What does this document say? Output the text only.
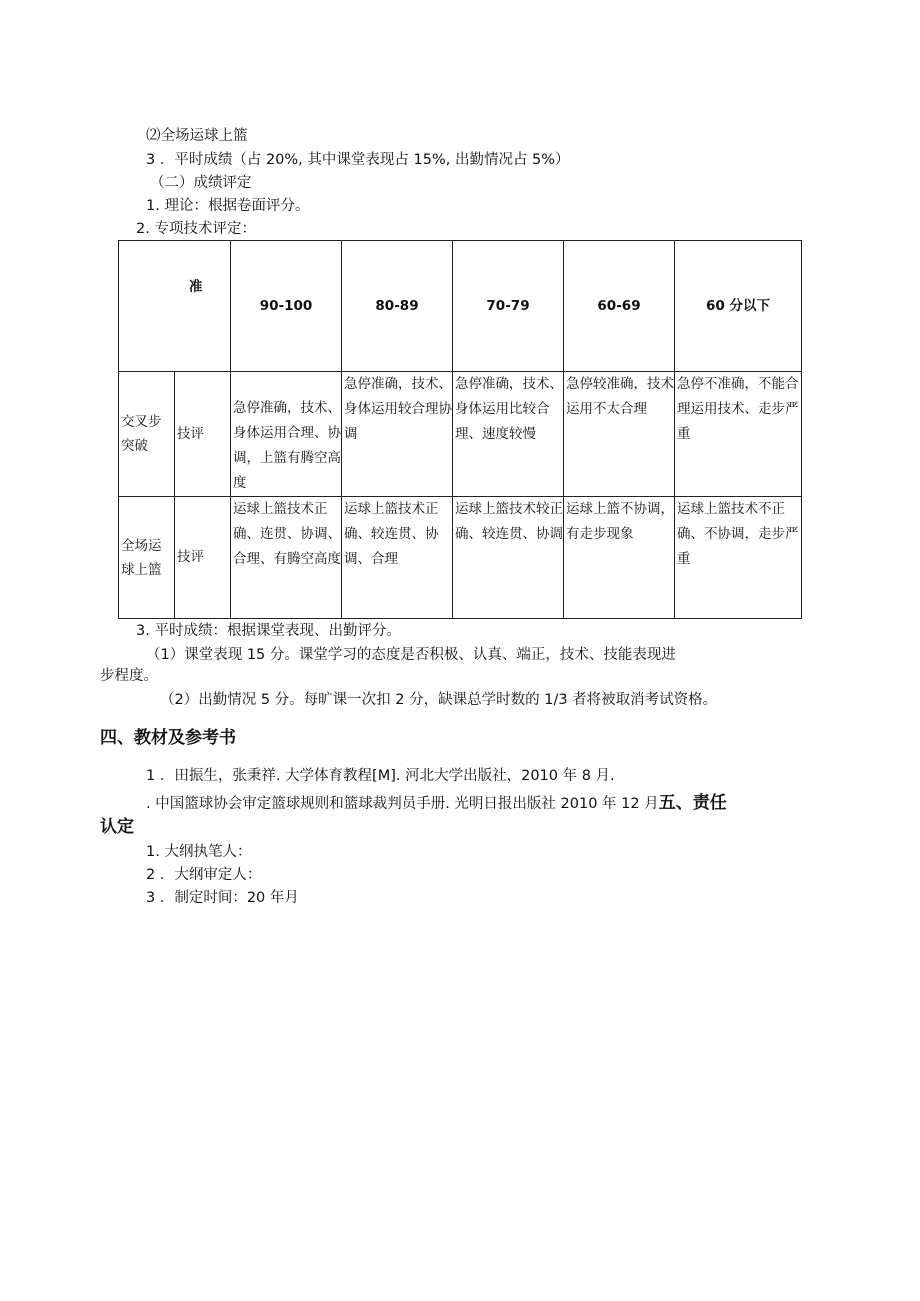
⑵全场运球上篮
3 ．平时成绩（占 20%, 其中课堂表现占 15%, 出勤情况占 5%）
（二）成绩评定
1. 理论：根据卷面评分。
2. 专项技术评定：
准		90-100	80-89	70-79	60-69	60 分以下
交叉步突破	技评	急停准确，技术、身体运用合理、协调，上篮有腾空高度	急停准确，技术、身体运用较合理协调	急停准确，技术、身体运用比较合理、速度较慢	急停较准确，技术运用不太合理	急停不准确，不能合理运用技术、走步严重
全场运球上篮	技评	运球上篮技术正确、连贯、协调、合理、有腾空高度	运球上篮技术正确、较连贯、协调、合理	运球上篮技术较正确、较连贯、协调	运球上篮不协调，有走步现象	运球上篮技术不正确、不协调，走步严重
3. 平时成绩：根据课堂表现、出勤评分。
（1）课堂表现 15 分。课堂学习的态度是否积极、认真、端正，技术、技能表现进
步程度。
（2）出勤情况 5 分。每旷课一次扣 2 分，缺课总学时数的 1/3 者将被取消考试资格。
四、教材及参考书
1 ．田振生，张秉祥. 大学体育教程[M]. 河北大学出版社，2010 年 8 月.
. 中国篮球协会审定篮球规则和篮球裁判员手册. 光明日报出版社 2010 年 12 月五、责任
认定
1. 大纲执笔人：
2 ．大纲审定人：
3 ．制定时间：20 年月
